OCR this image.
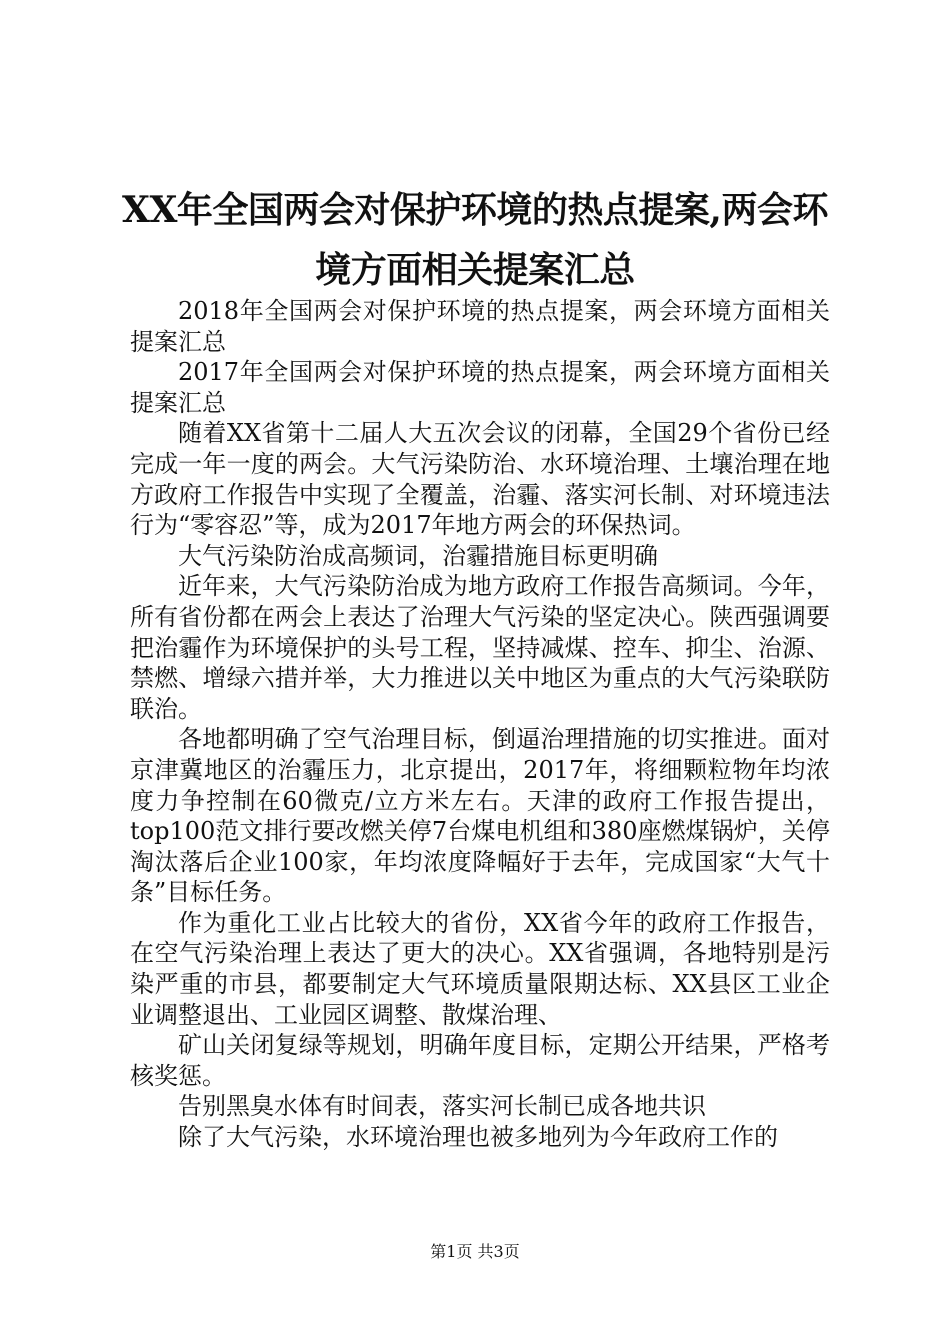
XX年全国两会对保护环境的热点提案,两会环境方面相关提案汇总

2018年全国两会对保护环境的热点提案，两会环境方面相关提案汇总

2017年全国两会对保护环境的热点提案，两会环境方面相关提案汇总

随着XX省第十二届人大五次会议的闭幕，全国29个省份已经完成一年一度的两会。大气污染防治、水环境治理、土壤治理在地方政府工作报告中实现了全覆盖，治霾、落实河长制、对环境违法行为“零容忍”等，成为2017年地方两会的环保热词。

大气污染防治成高频词，治霾措施目标更明确

近年来，大气污染防治成为地方政府工作报告高频词。今年，所有省份都在两会上表达了治理大气污染的坚定决心。陕西强调要把治霾作为环境保护的头号工程，坚持减煤、控车、抑尘、治源、禁燃、增绿六措并举，大力推进以关中地区为重点的大气污染联防联治。

各地都明确了空气治理目标，倒逼治理措施的切实推进。面对京津冀地区的治霾压力，北京提出，2017年，将细颗粒物年均浓度力争控制在60微克/立方米左右。天津的政府工作报告提出，top100范文排行要改燃关停7台煤电机组和380座燃煤锅炉，关停淘汰落后企业100家，年均浓度降幅好于去年，完成国家“大气十条”目标任务。

作为重化工业占比较大的省份，XX省今年的政府工作报告，在空气污染治理上表达了更大的决心。XX省强调，各地特别是污染严重的市县，都要制定大气环境质量限期达标、XX县区工业企业调整退出、工业园区调整、散煤治理、

矿山关闭复绿等规划，明确年度目标，定期公开结果，严格考核奖惩。

告别黑臭水体有时间表，落实河长制已成各地共识

除了大气污染，水环境治理也被多地列为今年政府工作的

第1页 共3页
